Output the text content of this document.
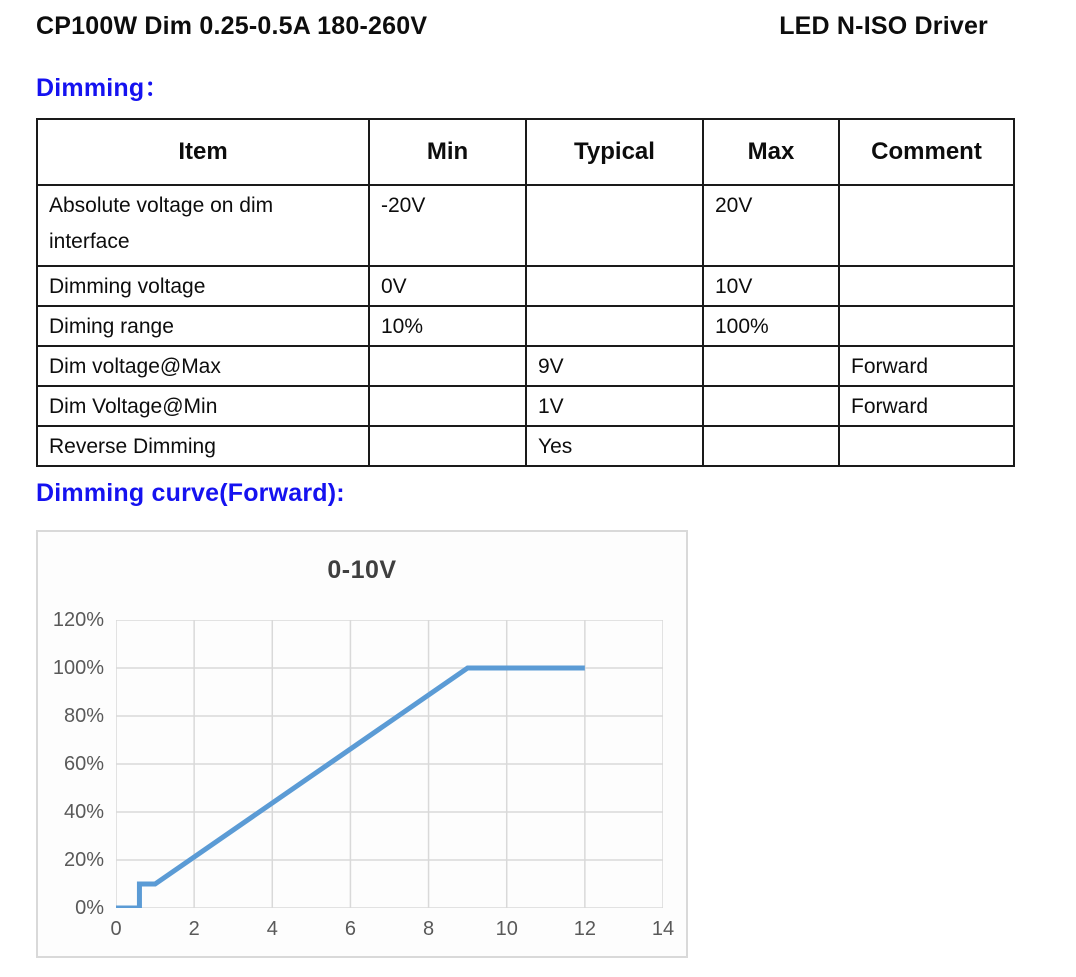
CP100W Dim 0.25-0.5A 180-260V	LED N-ISO Driver
Dimming：
Item	Min	Typical	Max	Comment
Absolute voltage on dim interface	-20V		20V	
Dimming voltage	0V		10V	
Diming range	10%		100%	
Dim voltage@Max		9V		Forward
Dim Voltage@Min		1V		Forward
Reverse Dimming		Yes		
Dimming curve(Forward):
0-10V
0%
20%
40%
60%
80%
100%
120%
0	2	4	6	8	10	12	14
